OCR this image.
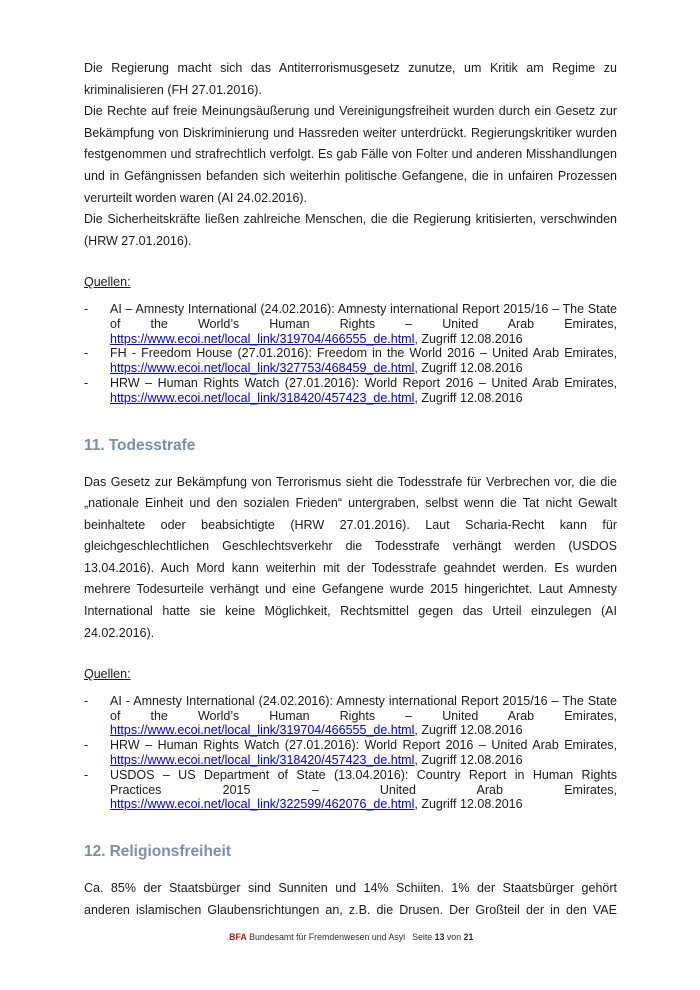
Die Regierung macht sich das Antiterrorismusgesetz zunutze, um Kritik am Regime zu kriminalisieren (FH 27.01.2016).

Die Rechte auf freie Meinungsäußerung und Vereinigungsfreiheit wurden durch ein Gesetz zur Bekämpfung von Diskriminierung und Hassreden weiter unterdrückt. Regierungskritiker wurden festgenommen und strafrechtlich verfolgt. Es gab Fälle von Folter und anderen Misshandlungen und in Gefängnissen befanden sich weiterhin politische Gefangene, die in unfairen Prozessen verurteilt worden waren (AI 24.02.2016).

Die Sicherheitskräfte ließen zahlreiche Menschen, die die Regierung kritisierten, verschwinden (HRW 27.01.2016).

Quellen:
-	AI – Amnesty International (24.02.2016): Amnesty international Report 2015/16 – The State of the World’s Human Rights – United Arab Emirates, https://www.ecoi.net/local_link/319704/466555_de.html, Zugriff 12.08.2016
-	FH - Freedom House (27.01.2016): Freedom in the World 2016 – United Arab Emirates, https://www.ecoi.net/local_link/327753/468459_de.html, Zugriff 12.08.2016
-	HRW – Human Rights Watch (27.01.2016): World Report 2016 – United Arab Emirates, https://www.ecoi.net/local_link/318420/457423_de.html, Zugriff 12.08.2016
11. Todesstrafe

Das Gesetz zur Bekämpfung von Terrorismus sieht die Todesstrafe für Verbrechen vor, die die „nationale Einheit und den sozialen Frieden“ untergraben, selbst wenn die Tat nicht Gewalt beinhaltete oder beabsichtigte (HRW 27.01.2016). Laut Scharia-Recht kann für gleichgeschlechtlichen Geschlechtsverkehr die Todesstrafe verhängt werden (USDOS 13.04.2016). Auch Mord kann weiterhin mit der Todesstrafe geahndet werden. Es wurden mehrere Todesurteile verhängt und eine Gefangene wurde 2015 hingerichtet. Laut Amnesty International hatte sie keine Möglichkeit, Rechtsmittel gegen das Urteil einzulegen (AI 24.02.2016).

Quellen:
-	AI - Amnesty International (24.02.2016): Amnesty international Report 2015/16 – The State of the World’s Human Rights – United Arab Emirates, https://www.ecoi.net/local_link/319704/466555_de.html, Zugriff 12.08.2016
-	HRW – Human Rights Watch (27.01.2016): World Report 2016 – United Arab Emirates, https://www.ecoi.net/local_link/318420/457423_de.html, Zugriff 12.08.2016
-	USDOS – US Department of State (13.04.2016): Country Report in Human Rights Practices 2015 – United Arab Emirates, https://www.ecoi.net/local_link/322599/462076_de.html, Zugriff 12.08.2016
12. Religionsfreiheit

Ca. 85% der Staatsbürger sind Sunniten und 14% Schiiten. 1% der Staatsbürger gehört anderen islamischen Glaubensrichtungen an, z.B. die Drusen. Der Großteil der in den VAE

.BFA Bundesamt für Fremdenwesen und Asyl Seite 13 von 21
